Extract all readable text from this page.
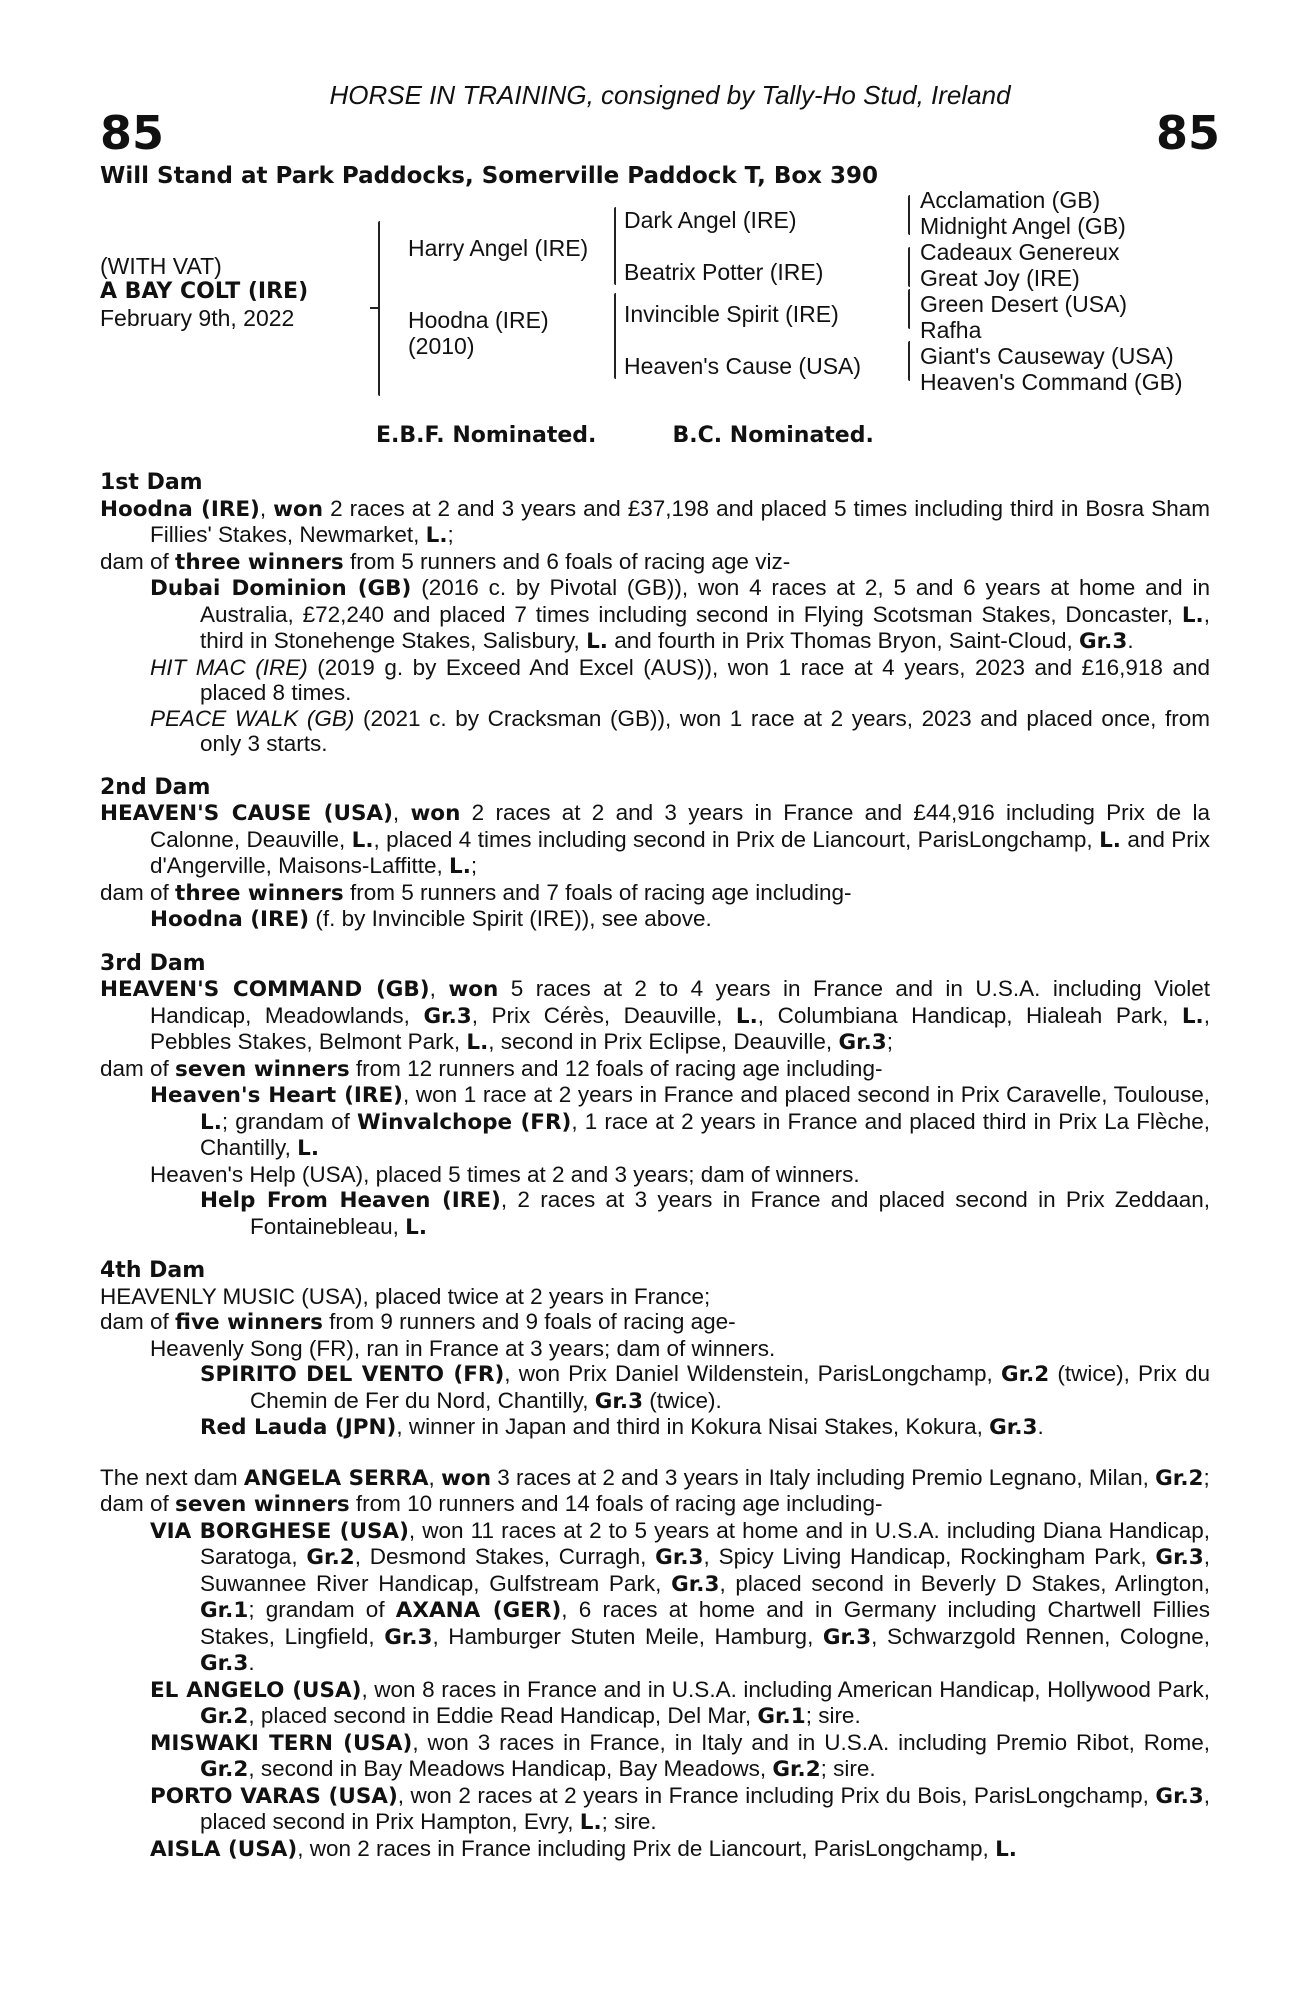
HORSE IN TRAINING, consigned by Tally-Ho Stud, Ireland
85	85
Will Stand at Park Paddocks, Somerville Paddock T, Box 390
(WITH VAT)
A BAY COLT (IRE)
February 9th, 2022
Harry Angel (IRE)
Hoodna (IRE)
(2010)
Dark Angel (IRE)
Beatrix Potter (IRE)
Invincible Spirit (IRE)
Heaven's Cause (USA)
Acclamation (GB)
Midnight Angel (GB)
Cadeaux Genereux
Great Joy (IRE)
Green Desert (USA)
Rafha
Giant's Causeway (USA)
Heaven's Command (GB)
E.B.F. Nominated.	B.C. Nominated.
1st Dam
Hoodna (IRE), won 2 races at 2 and 3 years and £37,198 and placed 5 times including third in Bosra Sham Fillies' Stakes, Newmarket, L.;
dam of three winners from 5 runners and 6 foals of racing age viz-
Dubai Dominion (GB) (2016 c. by Pivotal (GB)), won 4 races at 2, 5 and 6 years at home and in Australia, £72,240 and placed 7 times including second in Flying Scotsman Stakes, Doncaster, L., third in Stonehenge Stakes, Salisbury, L. and fourth in Prix Thomas Bryon, Saint-Cloud, Gr.3.
HIT MAC (IRE) (2019 g. by Exceed And Excel (AUS)), won 1 race at 4 years, 2023 and £16,918 and placed 8 times.
PEACE WALK (GB) (2021 c. by Cracksman (GB)), won 1 race at 2 years, 2023 and placed once, from only 3 starts.
2nd Dam
HEAVEN'S CAUSE (USA), won 2 races at 2 and 3 years in France and £44,916 including Prix de la Calonne, Deauville, L., placed 4 times including second in Prix de Liancourt, ParisLongchamp, L. and Prix d'Angerville, Maisons-Laffitte, L.;
dam of three winners from 5 runners and 7 foals of racing age including-
Hoodna (IRE) (f. by Invincible Spirit (IRE)), see above.
3rd Dam
HEAVEN'S COMMAND (GB), won 5 races at 2 to 4 years in France and in U.S.A. including Violet Handicap, Meadowlands, Gr.3, Prix Cérès, Deauville, L., Columbiana Handicap, Hialeah Park, L., Pebbles Stakes, Belmont Park, L., second in Prix Eclipse, Deauville, Gr.3;
dam of seven winners from 12 runners and 12 foals of racing age including-
Heaven's Heart (IRE), won 1 race at 2 years in France and placed second in Prix Caravelle, Toulouse, L.; grandam of Winvalchope (FR), 1 race at 2 years in France and placed third in Prix La Flèche, Chantilly, L.
Heaven's Help (USA), placed 5 times at 2 and 3 years; dam of winners.
Help From Heaven (IRE), 2 races at 3 years in France and placed second in Prix Zeddaan, Fontainebleau, L.
4th Dam
HEAVENLY MUSIC (USA), placed twice at 2 years in France;
dam of five winners from 9 runners and 9 foals of racing age-
Heavenly Song (FR), ran in France at 3 years; dam of winners.
SPIRITO DEL VENTO (FR), won Prix Daniel Wildenstein, ParisLongchamp, Gr.2 (twice), Prix du Chemin de Fer du Nord, Chantilly, Gr.3 (twice).
Red Lauda (JPN), winner in Japan and third in Kokura Nisai Stakes, Kokura, Gr.3.
The next dam ANGELA SERRA, won 3 races at 2 and 3 years in Italy including Premio Legnano, Milan, Gr.2;
dam of seven winners from 10 runners and 14 foals of racing age including-
VIA BORGHESE (USA), won 11 races at 2 to 5 years at home and in U.S.A. including Diana Handicap, Saratoga, Gr.2, Desmond Stakes, Curragh, Gr.3, Spicy Living Handicap, Rockingham Park, Gr.3, Suwannee River Handicap, Gulfstream Park, Gr.3, placed second in Beverly D Stakes, Arlington, Gr.1; grandam of AXANA (GER), 6 races at home and in Germany including Chartwell Fillies Stakes, Lingfield, Gr.3, Hamburger Stuten Meile, Hamburg, Gr.3, Schwarzgold Rennen, Cologne, Gr.3.
EL ANGELO (USA), won 8 races in France and in U.S.A. including American Handicap, Hollywood Park, Gr.2, placed second in Eddie Read Handicap, Del Mar, Gr.1; sire.
MISWAKI TERN (USA), won 3 races in France, in Italy and in U.S.A. including Premio Ribot, Rome, Gr.2, second in Bay Meadows Handicap, Bay Meadows, Gr.2; sire.
PORTO VARAS (USA), won 2 races at 2 years in France including Prix du Bois, ParisLongchamp, Gr.3, placed second in Prix Hampton, Evry, L.; sire.
AISLA (USA), won 2 races in France including Prix de Liancourt, ParisLongchamp, L.
